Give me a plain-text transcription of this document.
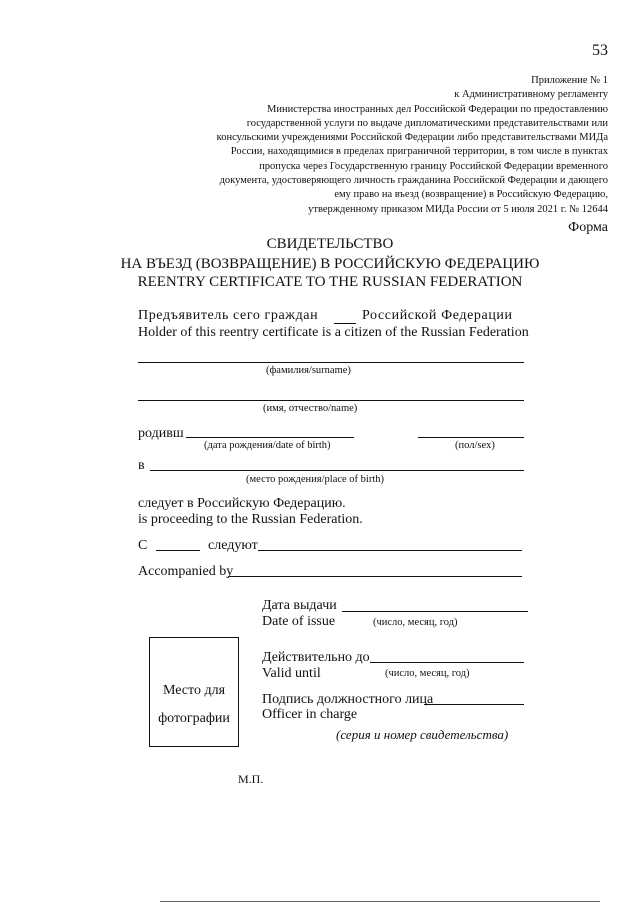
53
Приложение № 1
к Административному регламенту
Министерства иностранных дел Российской Федерации по предоставлению
государственной услуги по выдаче дипломатическими представительствами или
консульскими учреждениями Российской Федерации либо представительствами МИДа
России, находящимися в пределах приграничной территории, в том числе в пунктах
пропуска через Государственную границу Российской Федерации временного
документа, удостоверяющего личность гражданина Российской Федерации и дающего
ему право на въезд (возвращение) в Российскую Федерацию,
утвержденному приказом МИДа России от 5 июля 2021 г. № 12644
Форма
СВИДЕТЕЛЬСТВО
НА ВЪЕЗД (ВОЗВРАЩЕНИЕ) В РОССИЙСКУЮ ФЕДЕРАЦИЮ
REENTRY CERTIFICATE TO THE RUSSIAN FEDERATION
Предъявитель сего граждан	Российской Федерации
Holder of this reentry certificate is a citizen of the Russian Federation
(фамилия/surname)
(имя, отчество/name)
родивш
(дата рождения/date of birth)	(пол/sex)
в
(место рождения/place of birth)
следует в Российскую Федерацию.
is proceeding to the Russian Federation.
С	следуют
Accompanied by
Дата выдачи
Date of issue	(число, месяц, год)
Место для
фотографии
Действительно до
Valid until	(число, месяц, год)
Подпись должностного лица
Officer in charge
(серия и номер свидетельства)
М.П.
